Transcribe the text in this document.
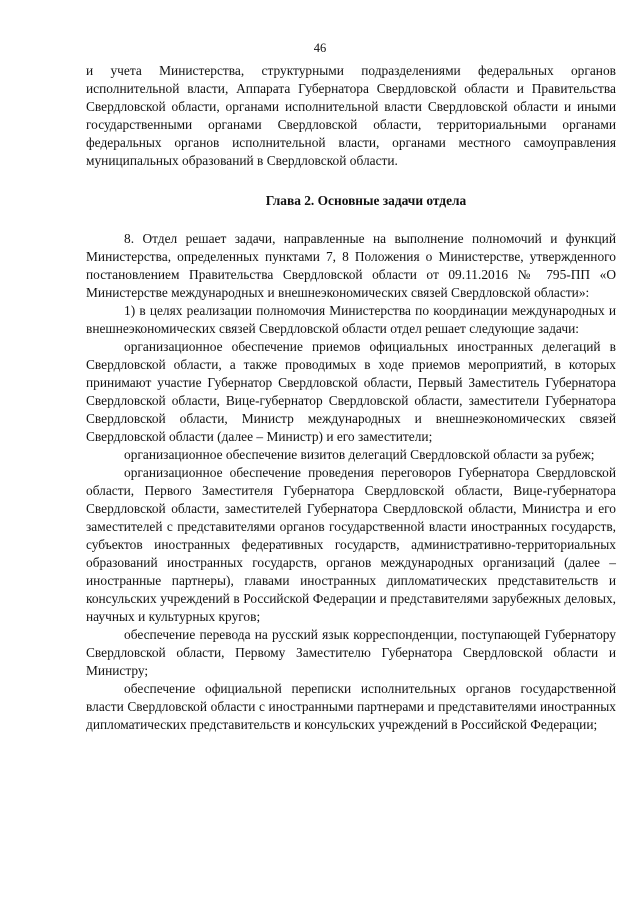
46

и учета Министерства, структурными подразделениями федеральных органов исполнительной власти, Аппарата Губернатора Свердловской области и Правительства Свердловской области, органами исполнительной власти Свердловской области и иными государственными органами Свердловской области, территориальными органами федеральных органов исполнительной власти, органами местного самоуправления муниципальных образований в Свердловской области.

Глава 2. Основные задачи отдела

8. Отдел решает задачи, направленные на выполнение полномочий и функций Министерства, определенных пунктами 7, 8 Положения о Министерстве, утвержденного постановлением Правительства Свердловской области от 09.11.2016 № 795-ПП «О Министерстве международных и внешнеэкономических связей Свердловской области»:

1) в целях реализации полномочия Министерства по координации международных и внешнеэкономических связей Свердловской области отдел решает следующие задачи:

организационное обеспечение приемов официальных иностранных делегаций в Свердловской области, а также проводимых в ходе приемов мероприятий, в которых принимают участие Губернатор Свердловской области, Первый Заместитель Губернатора Свердловской области, Вице-губернатор Свердловской области, заместители Губернатора Свердловской области, Министр международных и внешнеэкономических связей Свердловской области (далее – Министр) и его заместители;

организационное обеспечение визитов делегаций Свердловской области за рубеж;

организационное обеспечение проведения переговоров Губернатора Свердловской области, Первого Заместителя Губернатора Свердловской области, Вице-губернатора Свердловской области, заместителей Губернатора Свердловской области, Министра и его заместителей с представителями органов государственной власти иностранных государств, субъектов иностранных федеративных государств, административно-территориальных образований иностранных государств, органов международных организаций (далее – иностранные партнеры), главами иностранных дипломатических представительств и консульских учреждений в Российской Федерации и представителями зарубежных деловых, научных и культурных кругов;

обеспечение перевода на русский язык корреспонденции, поступающей Губернатору Свердловской области, Первому Заместителю Губернатора Свердловской области и Министру;

обеспечение официальной переписки исполнительных органов государственной власти Свердловской области с иностранными партнерами и представителями иностранных дипломатических представительств и консульских учреждений в Российской Федерации;
